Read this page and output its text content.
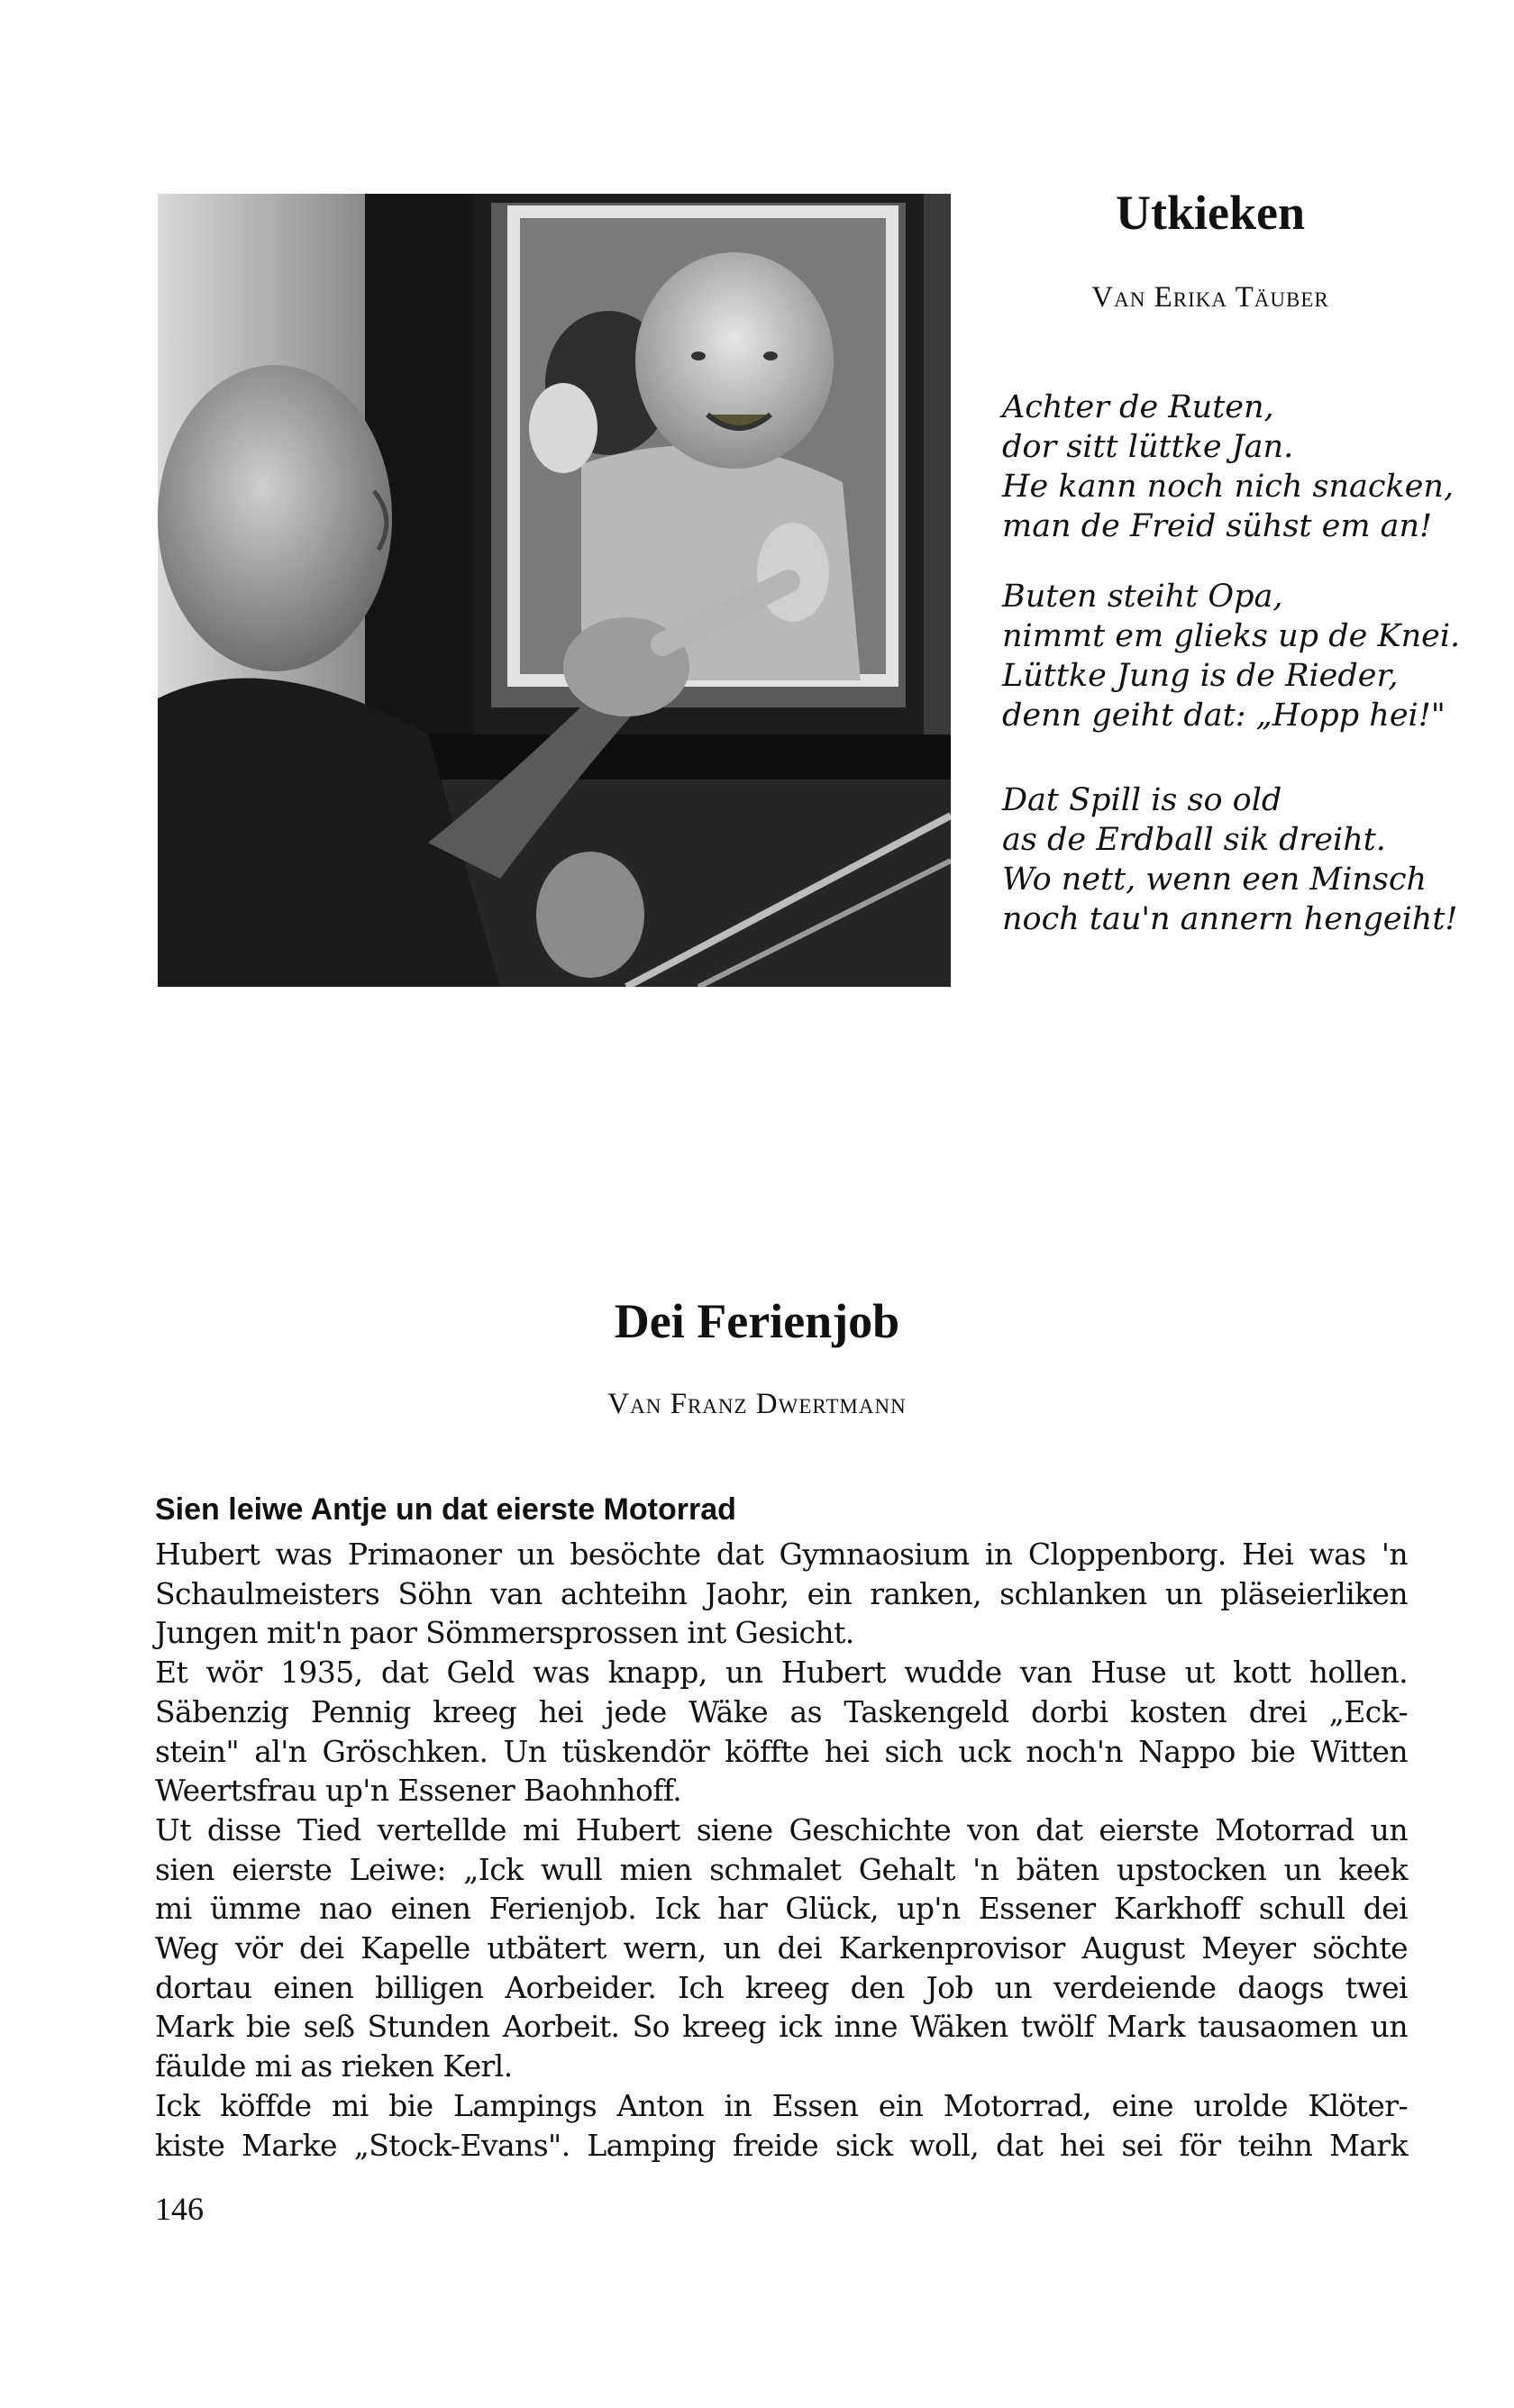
Utkieken
Van Erika Täuber
Achter de Ruten,
dor sitt lüttke Jan.
He kann noch nich snacken,
man de Freid sühst em an!
Buten steiht Opa,
nimmt em glieks up de Knei.
Lüttke Jung is de Rieder,
denn geiht dat: „Hopp hei!"
Dat Spill is so old
as de Erdball sik dreiht.
Wo nett, wenn een Minsch
noch tau'n annern hengeiht!
Dei Ferienjob
Van Franz Dwertmann
Sien leiwe Antje un dat eierste Motorrad
Hubert was Primaoner un besöchte dat Gymnaosium in Cloppenborg. Hei was 'n
Schaulmeisters Söhn van achteihn Jaohr, ein ranken, schlanken un pläseierliken
Jungen mit'n paor Sömmersprossen int Gesicht.
Et wör 1935, dat Geld was knapp, un Hubert wudde van Huse ut kott hollen.
Säbenzig Pennig kreeg hei jede Wäke as Taskengeld dorbi kosten drei „Eck-
stein" al'n Gröschken. Un tüskendör köffte hei sich uck noch'n Nappo bie Witten
Weertsfrau up'n Essener Baohnhoff.
Ut disse Tied vertellde mi Hubert siene Geschichte von dat eierste Motorrad un
sien eierste Leiwe: „Ick wull mien schmalet Gehalt 'n bäten upstocken un keek
mi ümme nao einen Ferienjob. Ick har Glück, up'n Essener Karkhoff schull dei
Weg vör dei Kapelle utbätert wern, un dei Karkenprovisor August Meyer söchte
dortau einen billigen Aorbeider. Ich kreeg den Job un verdeiende daogs twei
Mark bie seß Stunden Aorbeit. So kreeg ick inne Wäken twölf Mark tausaomen un
fäulde mi as rieken Kerl.
Ick köffde mi bie Lampings Anton in Essen ein Motorrad, eine urolde Klöter-
kiste Marke „Stock-Evans". Lamping freide sick woll, dat hei sei för teihn Mark
146
